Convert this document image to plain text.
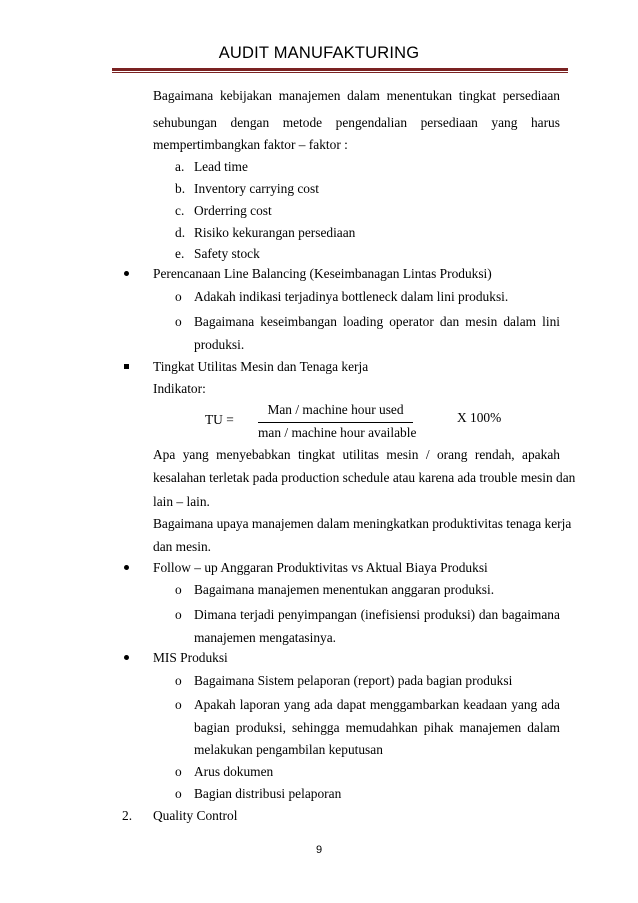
AUDIT MANUFAKTURING
Bagaimana kebijakan manajemen dalam menentukan tingkat persediaan
sehubungan dengan metode pengendalian persediaan yang harus
mempertimbangkan faktor – faktor :
a. Lead time
b. Inventory carrying cost
c. Orderring cost
d. Risiko kekurangan persediaan
e. Safety stock
Perencanaan Line Balancing (Keseimbanagan Lintas Produksi)
o Adakah indikasi terjadinya bottleneck dalam lini produksi.
o Bagaimana keseimbangan loading operator dan mesin dalam lini
produksi.
Tingkat Utilitas Mesin dan Tenaga kerja
Indikator:
TU =
Man / machine hour used
man / machine hour available
X 100%
Apa yang menyebabkan tingkat utilitas mesin / orang rendah, apakah
kesalahan terletak pada production schedule atau karena ada trouble mesin dan
lain – lain.
Bagaimana upaya manajemen dalam meningkatkan produktivitas tenaga kerja
dan mesin.
Follow – up Anggaran Produktivitas vs Aktual Biaya Produksi
o Bagaimana manajemen menentukan anggaran produksi.
o Dimana terjadi penyimpangan (inefisiensi produksi) dan bagaimana
manajemen mengatasinya.
MIS Produksi
o Bagaimana Sistem pelaporan (report) pada bagian produksi
o Apakah laporan yang ada dapat menggambarkan keadaan yang ada
bagian produksi, sehingga memudahkan pihak manajemen dalam
melakukan pengambilan keputusan
o Arus dokumen
o Bagian distribusi pelaporan
2. Quality Control
9
